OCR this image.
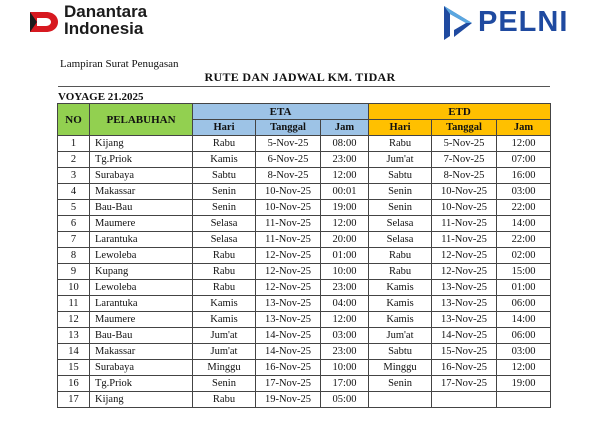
Danantara
Indonesia	PELNI
Lampiran Surat Penugasan
RUTE DAN JADWAL KM. TIDAR
VOYAGE 21.2025
NO	PELABUHAN	ETA			ETD		
		Hari	Tanggal	Jam	Hari	Tanggal	Jam
1	Kijang	Rabu	5-Nov-25	08:00	Rabu	5-Nov-25	12:00
2	Tg.Priok	Kamis	6-Nov-25	23:00	Jum'at	7-Nov-25	07:00
3	Surabaya	Sabtu	8-Nov-25	12:00	Sabtu	8-Nov-25	16:00
4	Makassar	Senin	10-Nov-25	00:01	Senin	10-Nov-25	03:00
5	Bau-Bau	Senin	10-Nov-25	19:00	Senin	10-Nov-25	22:00
6	Maumere	Selasa	11-Nov-25	12:00	Selasa	11-Nov-25	14:00
7	Larantuka	Selasa	11-Nov-25	20:00	Selasa	11-Nov-25	22:00
8	Lewoleba	Rabu	12-Nov-25	01:00	Rabu	12-Nov-25	02:00
9	Kupang	Rabu	12-Nov-25	10:00	Rabu	12-Nov-25	15:00
10	Lewoleba	Rabu	12-Nov-25	23:00	Kamis	13-Nov-25	01:00
11	Larantuka	Kamis	13-Nov-25	04:00	Kamis	13-Nov-25	06:00
12	Maumere	Kamis	13-Nov-25	12:00	Kamis	13-Nov-25	14:00
13	Bau-Bau	Jum'at	14-Nov-25	03:00	Jum'at	14-Nov-25	06:00
14	Makassar	Jum'at	14-Nov-25	23:00	Sabtu	15-Nov-25	03:00
15	Surabaya	Minggu	16-Nov-25	10:00	Minggu	16-Nov-25	12:00
16	Tg.Priok	Senin	17-Nov-25	17:00	Senin	17-Nov-25	19:00
17	Kijang	Rabu	19-Nov-25	05:00			
